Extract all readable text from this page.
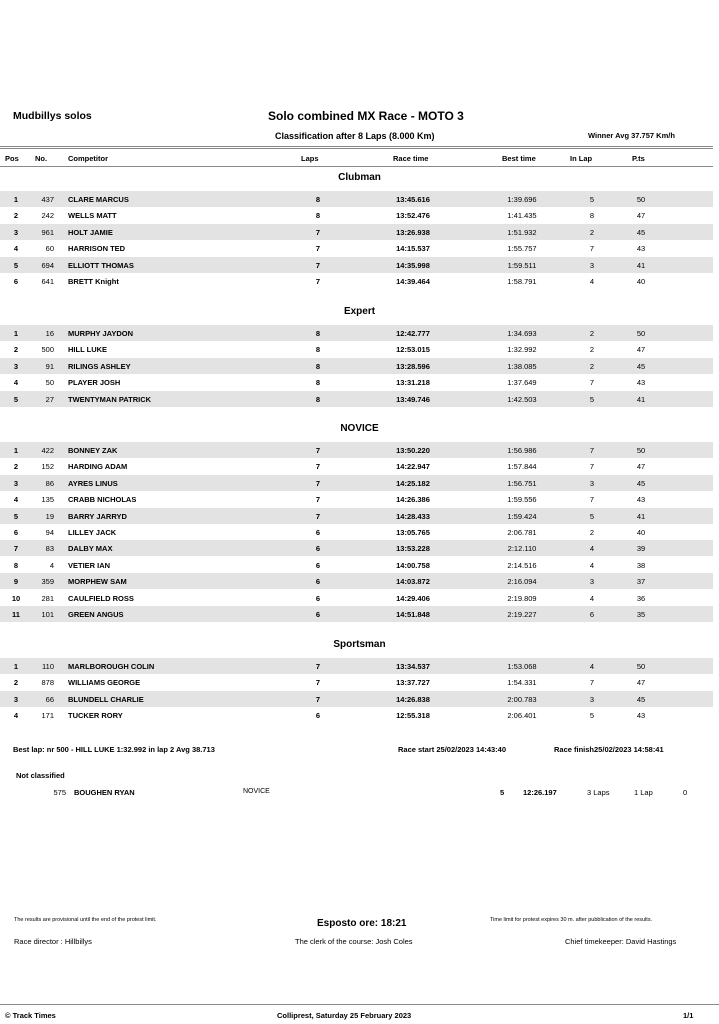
Mudbillys solos	Solo combined MX Race - MOTO 3
Classification after 8 Laps (8.000 Km)	Winner Avg 37.757 Km/h
Pos No.	Competitor	Laps	Race time	Best time	In Lap	P.ts
Clubman
1	437 CLARE MARCUS	8	13:45.616	1:39.696	5	50
2	242 WELLS MATT	8	13:52.476	1:41.435	8	47
3	961 HOLT JAMIE	7	13:26.938	1:51.932	2	45
4	60 HARRISON TED	7	14:15.537	1:55.757	7	43
5	694 ELLIOTT THOMAS	7	14:35.998	1:59.511	3	41
6	641 BRETT Knight	7	14:39.464	1:58.791	4	40
Expert
1	16 MURPHY JAYDON	8	12:42.777	1:34.693	2	50
2	500 HILL LUKE	8	12:53.015	1:32.992	2	47
3	91 RILINGS ASHLEY	8	13:28.596	1:38.085	2	45
4	50 PLAYER JOSH	8	13:31.218	1:37.649	7	43
5	27 TWENTYMAN PATRICK	8	13:49.746	1:42.503	5	41
NOVICE
1	422 BONNEY ZAK	7	13:50.220	1:56.986	7	50
2	152 HARDING ADAM	7	14:22.947	1:57.844	7	47
3	86 AYRES LINUS	7	14:25.182	1:56.751	3	45
4	135 CRABB NICHOLAS	7	14:26.386	1:59.556	7	43
5	19 BARRY JARRYD	7	14:28.433	1:59.424	5	41
6	94 LILLEY JACK	6	13:05.765	2:06.781	2	40
7	83 DALBY MAX	6	13:53.228	2:12.110	4	39
8	4 VETIER IAN	6	14:00.758	2:14.516	4	38
9	359 MORPHEW SAM	6	14:03.872	2:16.094	3	37
10	281 CAULFIELD ROSS	6	14:29.406	2:19.809	4	36
11	101 GREEN ANGUS	6	14:51.848	2:19.227	6	35
Sportsman
1	110 MARLBOROUGH COLIN	7	13:34.537	1:53.068	4	50
2	878 WILLIAMS GEORGE	7	13:37.727	1:54.331	7	47
3	66 BLUNDELL CHARLIE	7	14:26.838	2:00.783	3	45
4	171 TUCKER RORY	6	12:55.318	2:06.401	5	43
Best lap: nr 500 - HILL LUKE 1:32.992 in lap 2 Avg 38.713	Race start 25/02/2023 14:43:40	Race finish25/02/2023 14:58:41
Not classified
575 BOUGHEN RYAN	NOVICE	5	12:26.197	3 Laps	1 Lap	0
The results are provisional until the end of the protest limit.	Esposto ore: 18:21	Time limit for protest expires 30 m. after pubblication of the results.
Race director : Hillbillys	The clerk of the course: Josh Coles	Chief timekeeper: David Hastings
© Track Times	Colliprest, Saturday 25 February 2023	1/1
